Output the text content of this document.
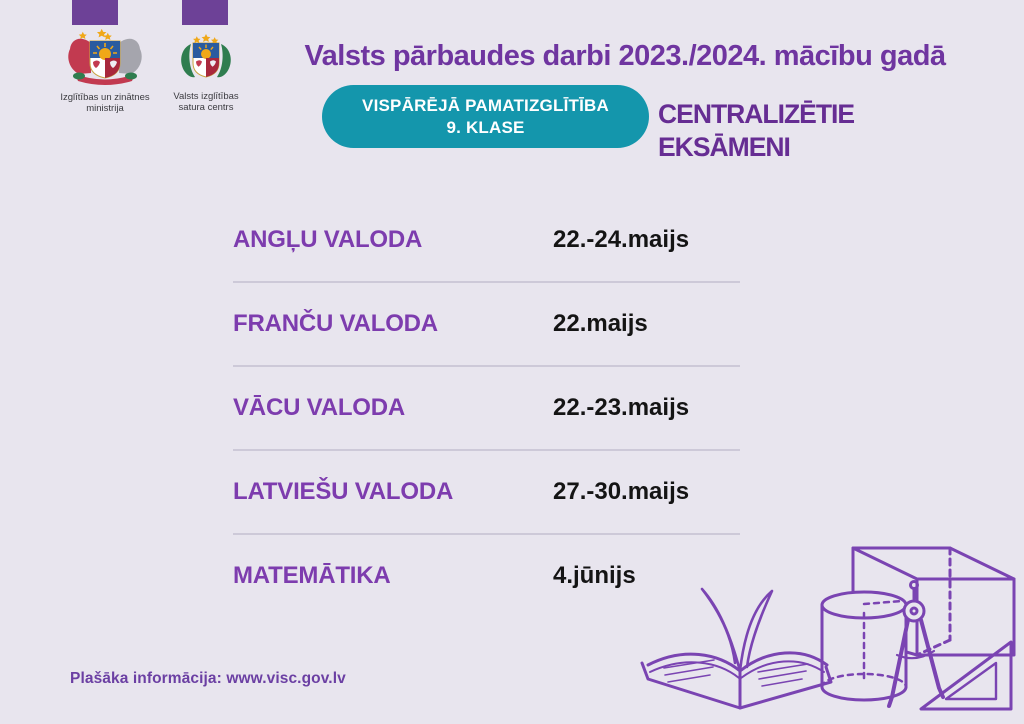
Izglītības un zinātnes
ministrija
Valsts izglītības
satura centrs
Valsts pārbaudes darbi 2023./2024. mācību gadā
VISPĀRĒJĀ PAMATIZGLĪTĪBA
9. KLASE	CENTRALIZĒTIE EKSĀMENI
ANGĻU VALODA	22.-24.maijs
FRANČU VALODA	22.maijs
VĀCU VALODA	22.-23.maijs
LATVIEŠU VALODA	27.-30.maijs
MATEMĀTIKA	4.jūnijs
Plašāka informācija: www.visc.gov.lv
